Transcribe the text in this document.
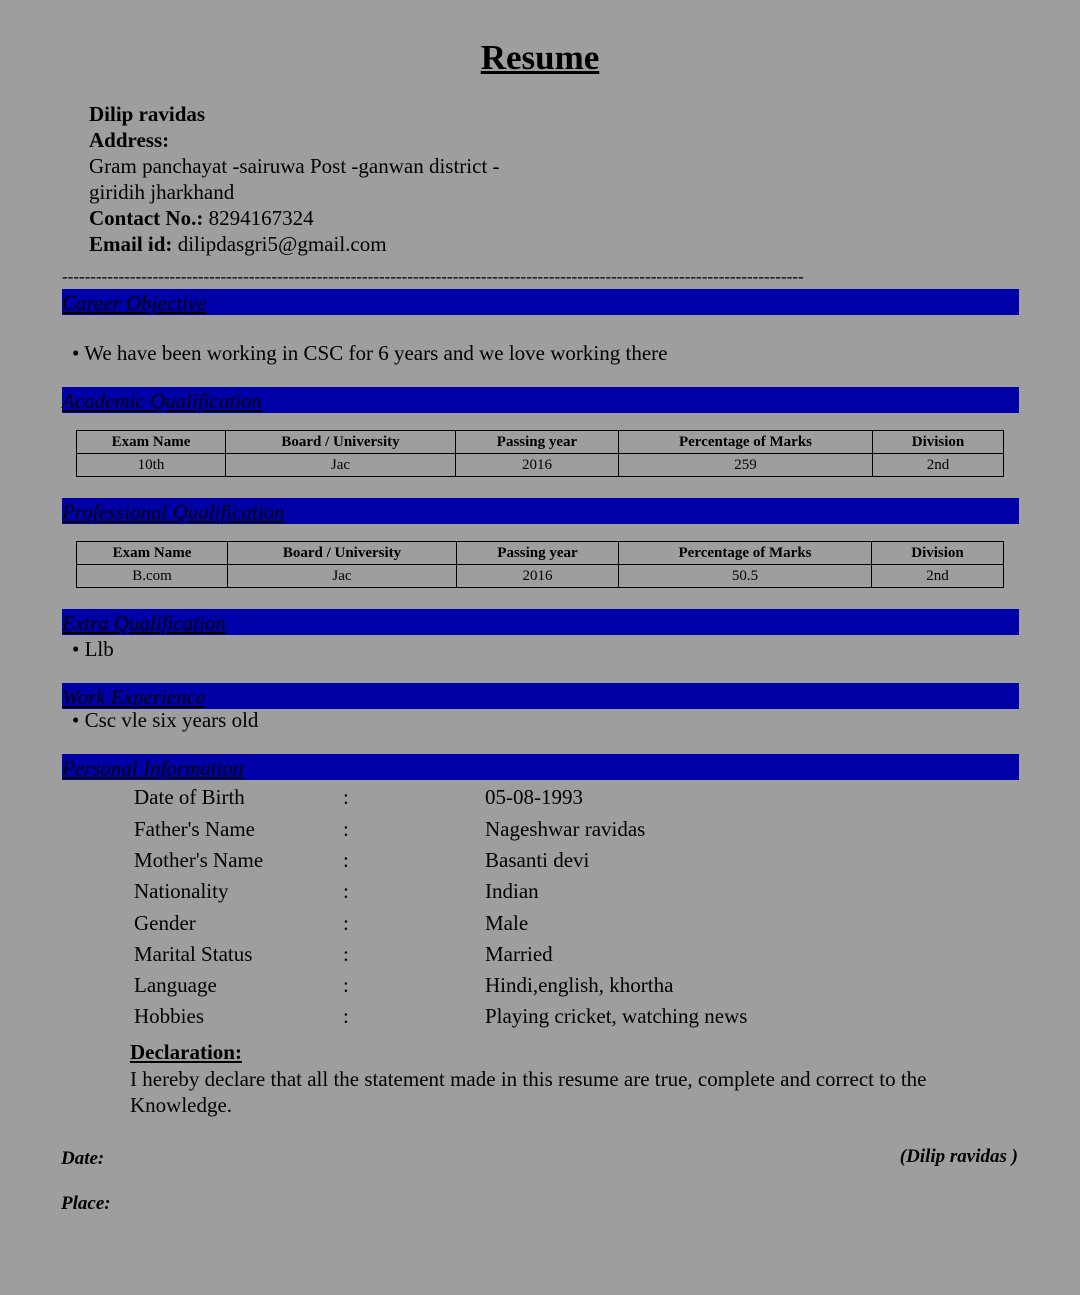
Resume
Dilip ravidas
Address:
Gram panchayat -sairuwa Post -ganwan district -
giridih jharkhand
Contact No.: 8294167324
Email id: dilipdasgri5@gmail.com
-----------------------------------------------------------------------------------------------------------------------------------
Career Objective
• We have been working in CSC for 6 years and we love working there
Academic Qualification
Exam Name	Board / University	Passing year	Percentage of Marks	Division
10th	Jac	2016	259	2nd
Professional Qualification
Exam Name	Board / University	Passing year	Percentage of Marks	Division
B.com	Jac	2016	50.5	2nd
Extra Qualification
• Llb
Work Experience
• Csc vle six years old
Personal Information
Date of Birth	:	05-08-1993
Father's Name	:	Nageshwar ravidas
Mother's Name	:	Basanti devi
Nationality	:	Indian
Gender	:	Male
Marital Status	:	Married
Language	:	Hindi,english, khortha
Hobbies	:	Playing cricket, watching news
Declaration:
I hereby declare that all the statement made in this resume are true, complete and correct to the Knowledge.
Date:	(Dilip ravidas )
Place:
